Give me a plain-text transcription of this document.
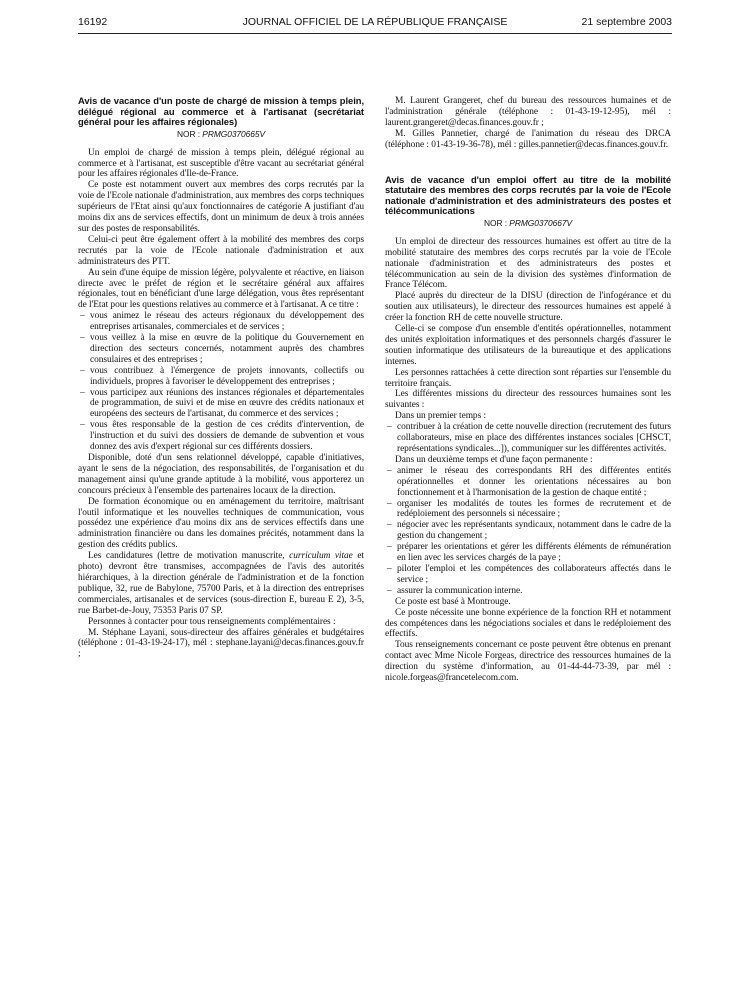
16192	JOURNAL OFFICIEL DE LA RÉPUBLIQUE FRANÇAISE	21 septembre 2003

Avis de vacance d'un poste de chargé de mission à temps plein, délégué régional au commerce et à l'artisanat (secrétariat général pour les affaires régionales)

NOR : PRMG0370665V

Un emploi de chargé de mission à temps plein, délégué régional au commerce et à l'artisanat, est susceptible d'être vacant au secrétariat général pour les affaires régionales d'Ile-de-France.

Ce poste est notamment ouvert aux membres des corps recrutés par la voie de l'Ecole nationale d'administration, aux membres des corps techniques supérieurs de l'Etat ainsi qu'aux fonctionnaires de catégorie A justifiant d'au moins dix ans de services effectifs, dont un minimum de deux à trois années sur des postes de responsabilités.

Celui-ci peut être également offert à la mobilité des membres des corps recrutés par la voie de l'Ecole nationale d'administration et aux administrateurs des PTT.

Au sein d'une équipe de mission légère, polyvalente et réactive, en liaison directe avec le préfet de région et le secrétaire général aux affaires régionales, tout en bénéficiant d'une large délégation, vous êtes représentant de l'Etat pour les questions relatives au commerce et à l'artisanat. A ce titre :

– vous animez le réseau des acteurs régionaux du développement des entreprises artisanales, commerciales et de services ;
– vous veillez à la mise en œuvre de la politique du Gouvernement en direction des secteurs concernés, notamment auprès des chambres consulaires et des entreprises ;
– vous contribuez à l'émergence de projets innovants, collectifs ou individuels, propres à favoriser le développement des entreprises ;
– vous participez aux réunions des instances régionales et départementales de programmation, de suivi et de mise en œuvre des crédits nationaux et européens des secteurs de l'artisanat, du commerce et des services ;
– vous êtes responsable de la gestion de ces crédits d'intervention, de l'instruction et du suivi des dossiers de demande de subvention et vous donnez des avis d'expert régional sur ces différents dossiers.

Disponible, doté d'un sens relationnel développé, capable d'initiatives, ayant le sens de la négociation, des responsabilités, de l'organisation et du management ainsi qu'une grande aptitude à la mobilité, vous apporterez un concours précieux à l'ensemble des partenaires locaux de la direction.

De formation économique ou en aménagement du territoire, maîtrisant l'outil informatique et les nouvelles techniques de communication, vous possédez une expérience d'au moins dix ans de services effectifs dans une administration financière ou dans les domaines précités, notamment dans la gestion des crédits publics.

Les candidatures (lettre de motivation manuscrite, curriculum vitae et photo) devront être transmises, accompagnées de l'avis des autorités hiérarchiques, à la direction générale de l'administration et de la fonction publique, 32, rue de Babylone, 75700 Paris, et à la direction des entreprises commerciales, artisanales et de services (sous-direction E, bureau E 2), 3-5, rue Barbet-de-Jouy, 75353 Paris 07 SP.

Personnes à contacter pour tous renseignements complémentaires :

M. Stéphane Layani, sous-directeur des affaires générales et budgétaires (téléphone : 01-43-19-24-17), mél : stephane.layani@decas.finances.gouv.fr ;

M. Laurent Grangeret, chef du bureau des ressources humaines et de l'administration générale (téléphone : 01-43-19-12-95), mél : laurent.grangeret@decas.finances.gouv.fr ;

M. Gilles Pannetier, chargé de l'animation du réseau des DRCA (téléphone : 01-43-19-36-78), mél : gilles.pannetier@decas.finances.gouv.fr.

Avis de vacance d'un emploi offert au titre de la mobilité statutaire des membres des corps recrutés par la voie de l'Ecole nationale d'administration et des administrateurs des postes et télécommunications

NOR : PRMG0370667V

Un emploi de directeur des ressources humaines est offert au titre de la mobilité statutaire des membres des corps recrutés par la voie de l'Ecole nationale d'administration et des administrateurs des postes et télécommunication au sein de la division des systèmes d'information de France Télécom.

Placé auprès du directeur de la DISU (direction de l'infogérance et du soutien aux utilisateurs), le directeur des ressources humaines est appelé à créer la fonction RH de cette nouvelle structure.

Celle-ci se compose d'un ensemble d'entités opérationnelles, notamment des unités exploitation informatiques et des personnels chargés d'assurer le soutien informatique des utilisateurs de la bureautique et des applications internes.

Les personnes rattachées à cette direction sont réparties sur l'ensemble du territoire français.

Les différentes missions du directeur des ressources humaines sont les suivantes :

Dans un premier temps :

– contribuer à la création de cette nouvelle direction (recrutement des futurs collaborateurs, mise en place des différentes instances sociales [CHSCT, représentations syndicales...]), communiquer sur les différentes activités.

Dans un deuxième temps et d'une façon permanente :

– animer le réseau des correspondants RH des différentes entités opérationnelles et donner les orientations nécessaires au bon fonctionnement et à l'harmonisation de la gestion de chaque entité ;
– organiser les modalités de toutes les formes de recrutement et de redéploiement des personnels si nécessaire ;
– négocier avec les représentants syndicaux, notamment dans le cadre de la gestion du changement ;
– préparer les orientations et gérer les différents éléments de rémunération en lien avec les services chargés de la paye ;
– piloter l'emploi et les compétences des collaborateurs affectés dans le service ;
– assurer la communication interne.

Ce poste est basé à Montrouge.

Ce poste nécessite une bonne expérience de la fonction RH et notamment des compétences dans les négociations sociales et dans le redéploiement des effectifs.

Tous renseignements concernant ce poste peuvent être obtenus en prenant contact avec Mme Nicole Forgeas, directrice des ressources humaines de la direction du système d'information, au 01-44-44-73-39, par mél : nicole.forgeas@francetelecom.com.
